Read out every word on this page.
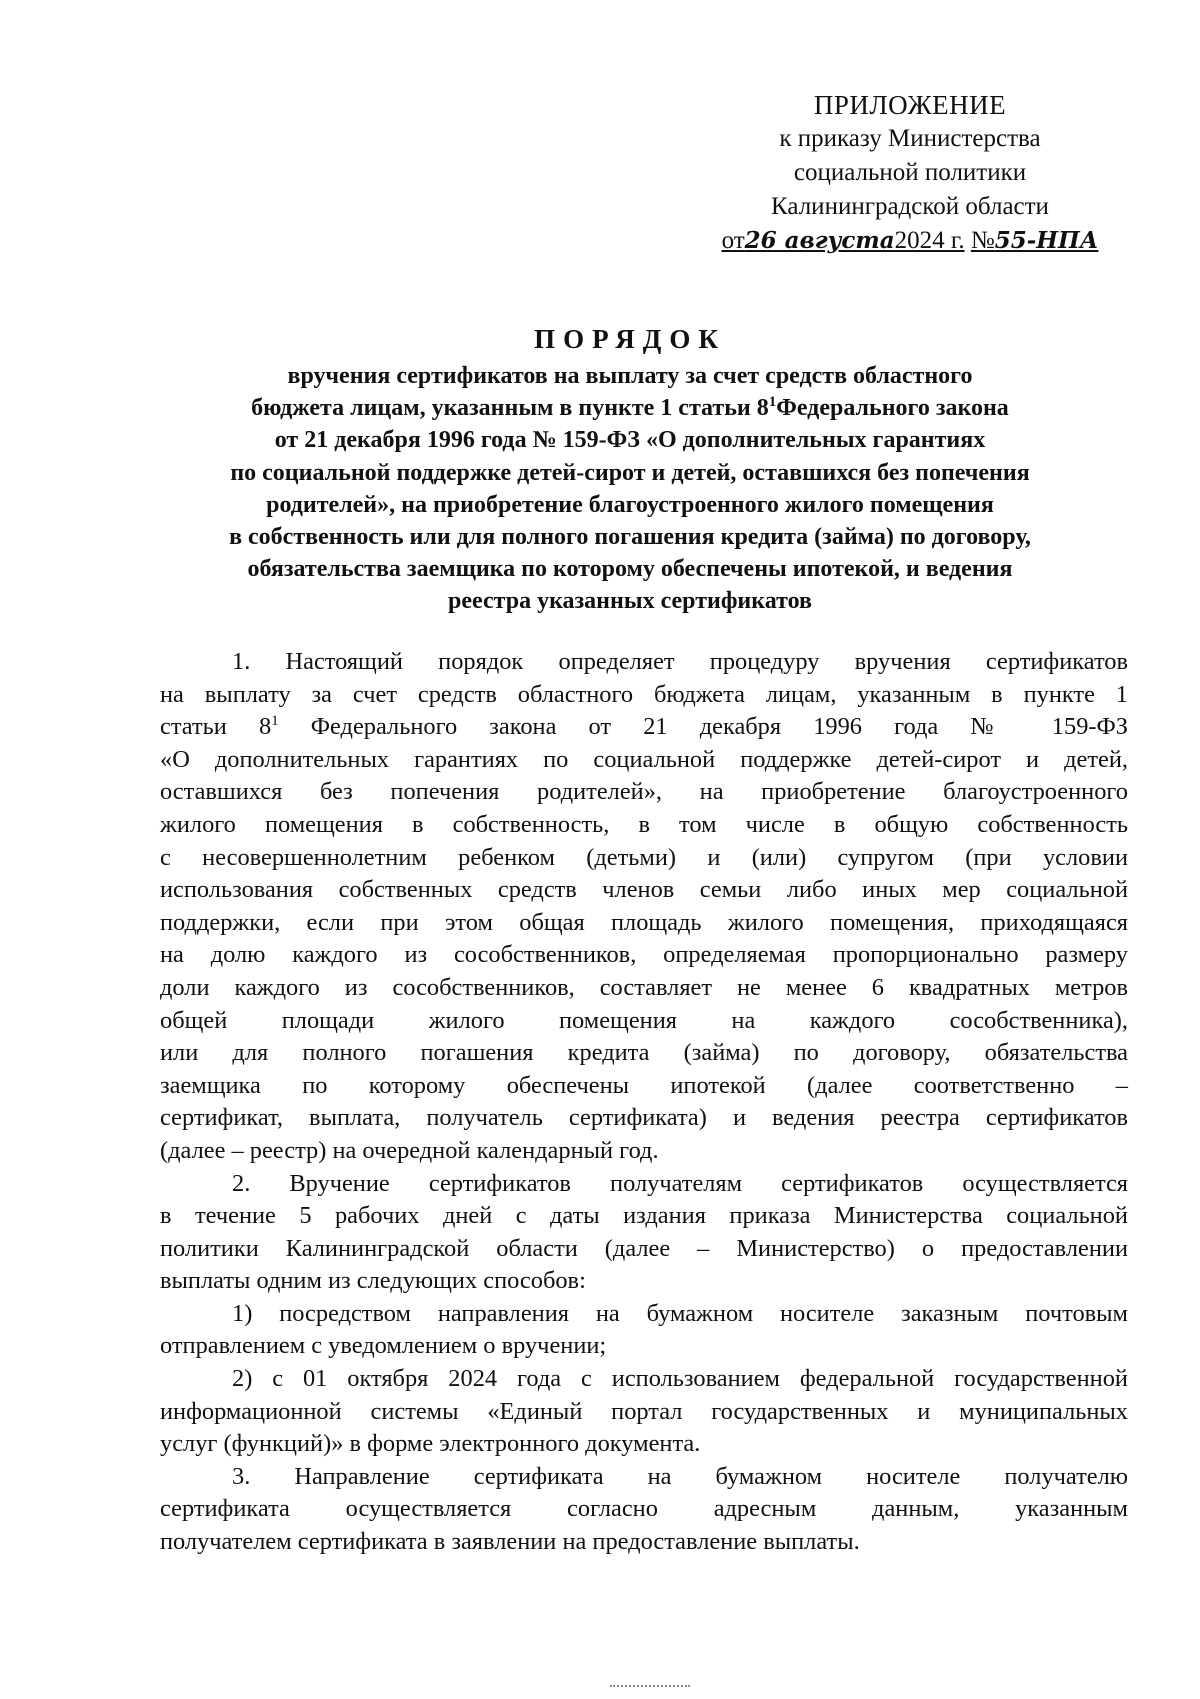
ПРИЛОЖЕНИЕ
к приказу Министерства
социальной политики
Калининградской области
от26 августа2024 г. №55-НПА
ПОРЯДОК
вручения сертификатов на выплату за счет средств областного
бюджета лицам, указанным в пункте 1 статьи $8^1Федерального$ закона
от 21 декабря 1996 года № 159-ФЗ «О дополнительных гарантиях
по социальной поддержке детей-сирот и детей, оставшихся без попечения
родителей», на приобретение благоустроенного жилого помещения
в собственность или для полного погашения кредита (займа) по договору,
обязательства заемщика по которому обеспечены ипотекой, и ведения
реестра указанных сертификатов
1. Настоящий порядок определяет процедуру вручения сертификатов
на выплату за счет средств областного бюджета лицам, указанным в пункте 1
статьи $8^1$ Федерального закона от 21 декабря 1996 года № 159-ФЗ
«О дополнительных гарантиях по социальной поддержке детей-сирот и детей,
оставшихся без попечения родителей», на приобретение благоустроенного
жилого помещения в собственность, в том числе в общую собственность
с несовершеннолетним ребенком (детьми) и (или) супругом (при условии
использования собственных средств членов семьи либо иных мер социальной
поддержки, если при этом общая площадь жилого помещения, приходящаяся
на долю каждого из сособственников, определяемая пропорционально размеру
доли каждого из сособственников, составляет не менее 6 квадратных метров
общей площади жилого помещения на каждого сособственника),
или для полного погашения кредита (займа) по договору, обязательства
заемщика по которому обеспечены ипотекой (далее соответственно –
сертификат, выплата, получатель сертификата) и ведения реестра сертификатов
(далее – реестр) на очередной календарный год.
2. Вручение сертификатов получателям сертификатов осуществляется
в течение 5 рабочих дней с даты издания приказа Министерства социальной
политики Калининградской области (далее – Министерство) о предоставлении
выплаты одним из следующих способов:
1) посредством направления на бумажном носителе заказным почтовым
отправлением с уведомлением о вручении;
2) с 01 октября 2024 года с использованием федеральной государственной
информационной системы «Единый портал государственных и муниципальных
услуг (функций)» в форме электронного документа.
3. Направление сертификата на бумажном носителе получателю
сертификата осуществляется согласно адресным данным, указанным
получателем сертификата в заявлении на предоставление выплаты.
